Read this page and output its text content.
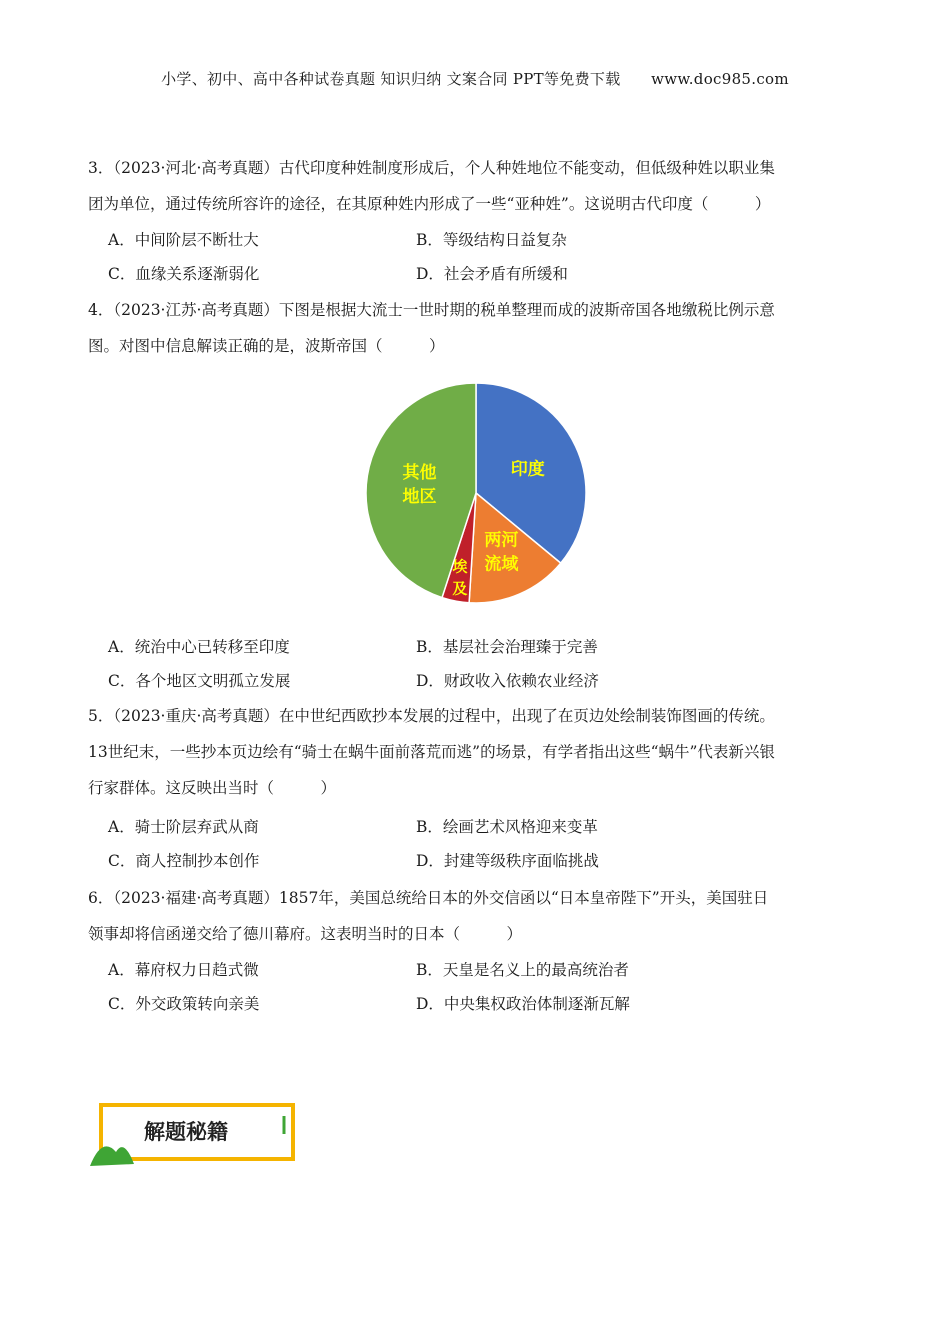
小学、初中、高中各种试卷真题 知识归纳 文案合同 PPT等免费下载　　www.doc985.com
3．（2023·河北·高考真题）古代印度种姓制度形成后，个人种姓地位不能变动，但低级种姓以职业集
团为单位，通过传统所容许的途径，在其原种姓内形成了一些“亚种姓”。这说明古代印度（　　　）
A．中间阶层不断壮大	B．等级结构日益复杂
C．血缘关系逐渐弱化	D．社会矛盾有所缓和
4．（2023·江苏·高考真题）下图是根据大流士一世时期的税单整理而成的波斯帝国各地缴税比例示意
图。对图中信息解读正确的是，波斯帝国（　　　）
印度
两河
流域
埃
及
其他
地区
A．统治中心已转移至印度	B．基层社会治理臻于完善
C．各个地区文明孤立发展	D．财政收入依赖农业经济
5．（2023·重庆·高考真题）在中世纪西欧抄本发展的过程中，出现了在页边处绘制装饰图画的传统。
13世纪末，一些抄本页边绘有“骑士在蜗牛面前落荒而逃”的场景，有学者指出这些“蜗牛”代表新兴银
行家群体。这反映出当时（　　　）
A．骑士阶层弃武从商	B．绘画艺术风格迎来变革
C．商人控制抄本创作	D．封建等级秩序面临挑战
6．（2023·福建·高考真题）1857年，美国总统给日本的外交信函以“日本皇帝陛下”开头，美国驻日
领事却将信函递交给了德川幕府。这表明当时的日本（　　　）
A．幕府权力日趋式微	B．天皇是名义上的最高统治者
C．外交政策转向亲美	D．中央集权政治体制逐渐瓦解
解题秘籍
